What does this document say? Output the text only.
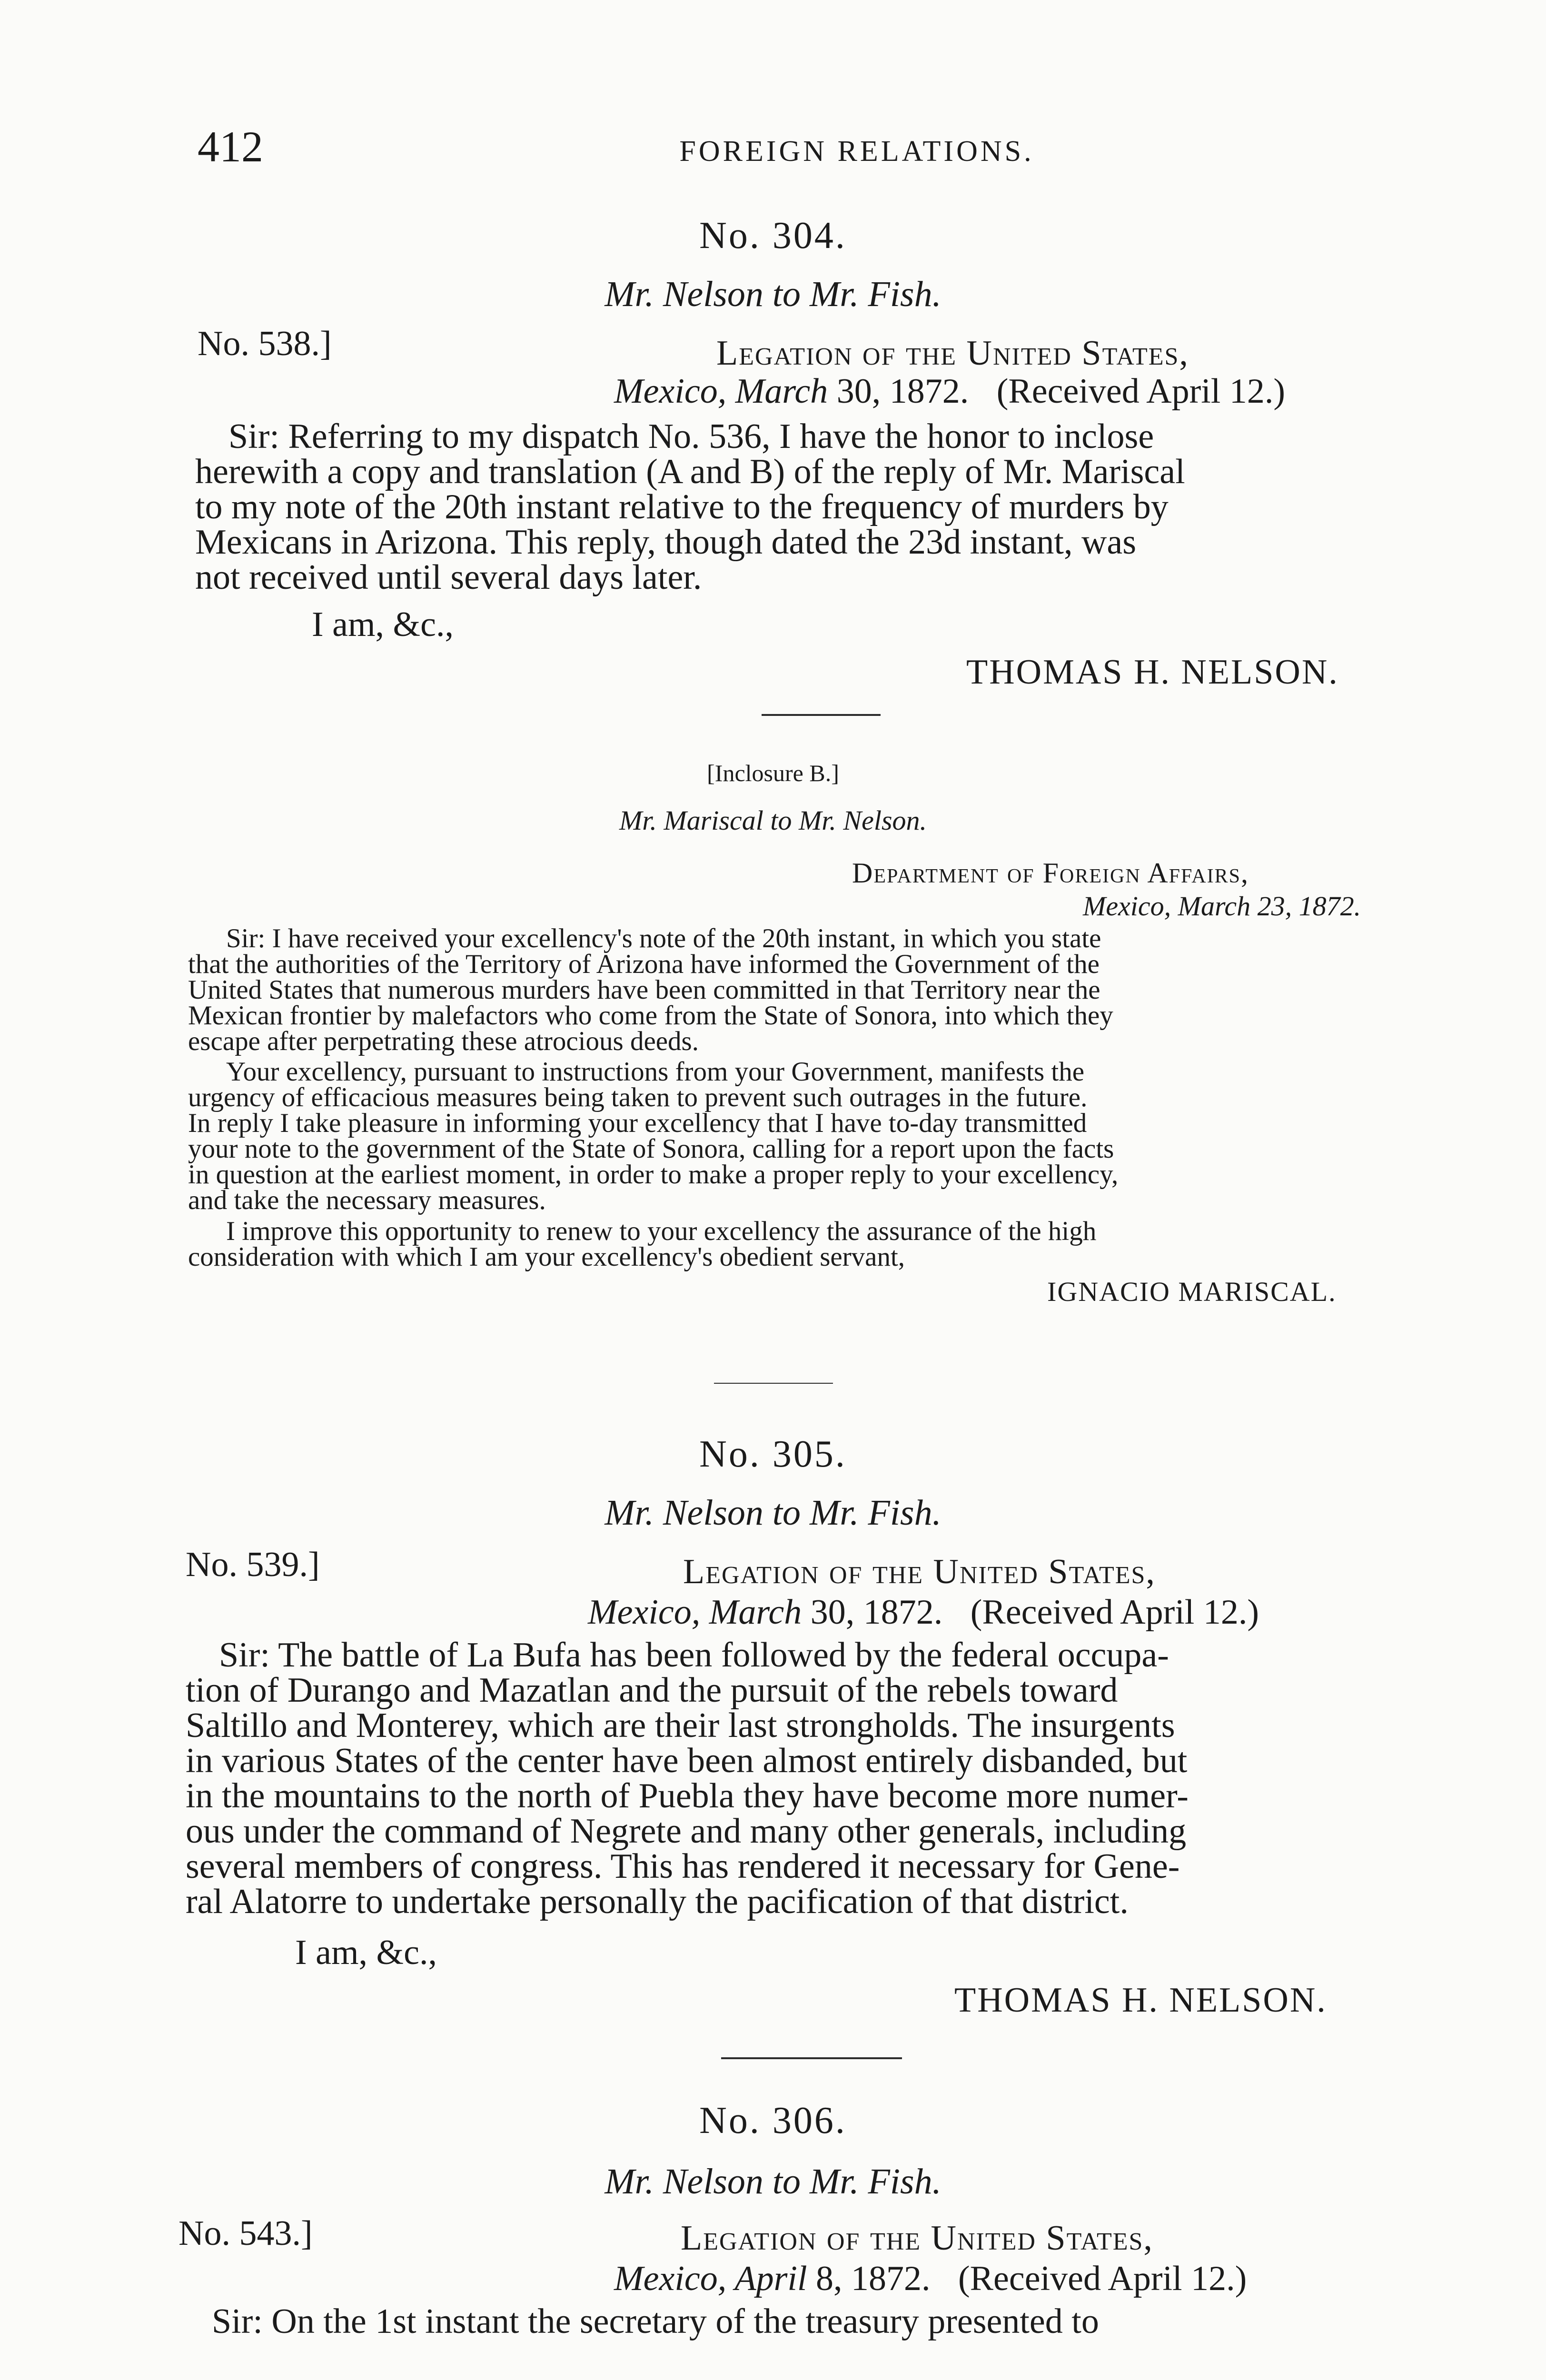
412	FOREIGN RELATIONS.
No. 304.
Mr. Nelson to Mr. Fish.
No. 538.]	Legation of the United States,
Mexico, March 30, 1872. (Received April 12.)
Sir: Referring to my dispatch No. 536, I have the honor to inclose
herewith a copy and translation (A and B) of the reply of Mr. Mariscal
to my note of the 20th instant relative to the frequency of murders by
Mexicans in Arizona. This reply, though dated the 23d instant, was
not received until several days later.
I am, &c.,
THOMAS H. NELSON.
[Inclosure B.]
Mr. Mariscal to Mr. Nelson.
Department of Foreign Affairs,
Mexico, March 23, 1872.
Sir: I have received your excellency's note of the 20th instant, in which you state
that the authorities of the Territory of Arizona have informed the Government of the
United States that numerous murders have been committed in that Territory near the
Mexican frontier by malefactors who come from the State of Sonora, into which they
escape after perpetrating these atrocious deeds.
Your excellency, pursuant to instructions from your Government, manifests the
urgency of efficacious measures being taken to prevent such outrages in the future.
In reply I take pleasure in informing your excellency that I have to-day transmitted
your note to the government of the State of Sonora, calling for a report upon the facts
in question at the earliest moment, in order to make a proper reply to your excellency,
and take the necessary measures.
I improve this opportunity to renew to your excellency the assurance of the high
consideration with which I am your excellency's obedient servant,
IGNACIO MARISCAL.
No. 305.
Mr. Nelson to Mr. Fish.
No. 539.]	Legation of the United States,
Mexico, March 30, 1872. (Received April 12.)
Sir: The battle of La Bufa has been followed by the federal occupa-
tion of Durango and Mazatlan and the pursuit of the rebels toward
Saltillo and Monterey, which are their last strongholds. The insurgents
in various States of the center have been almost entirely disbanded, but
in the mountains to the north of Puebla they have become more numer-
ous under the command of Negrete and many other generals, including
several members of congress. This has rendered it necessary for Gene-
ral Alatorre to undertake personally the pacification of that district.
I am, &c.,
THOMAS H. NELSON.
No. 306.
Mr. Nelson to Mr. Fish.
No. 543.]	Legation of the United States,
Mexico, April 8, 1872. (Received April 12.)
Sir: On the 1st instant the secretary of the treasury presented to
